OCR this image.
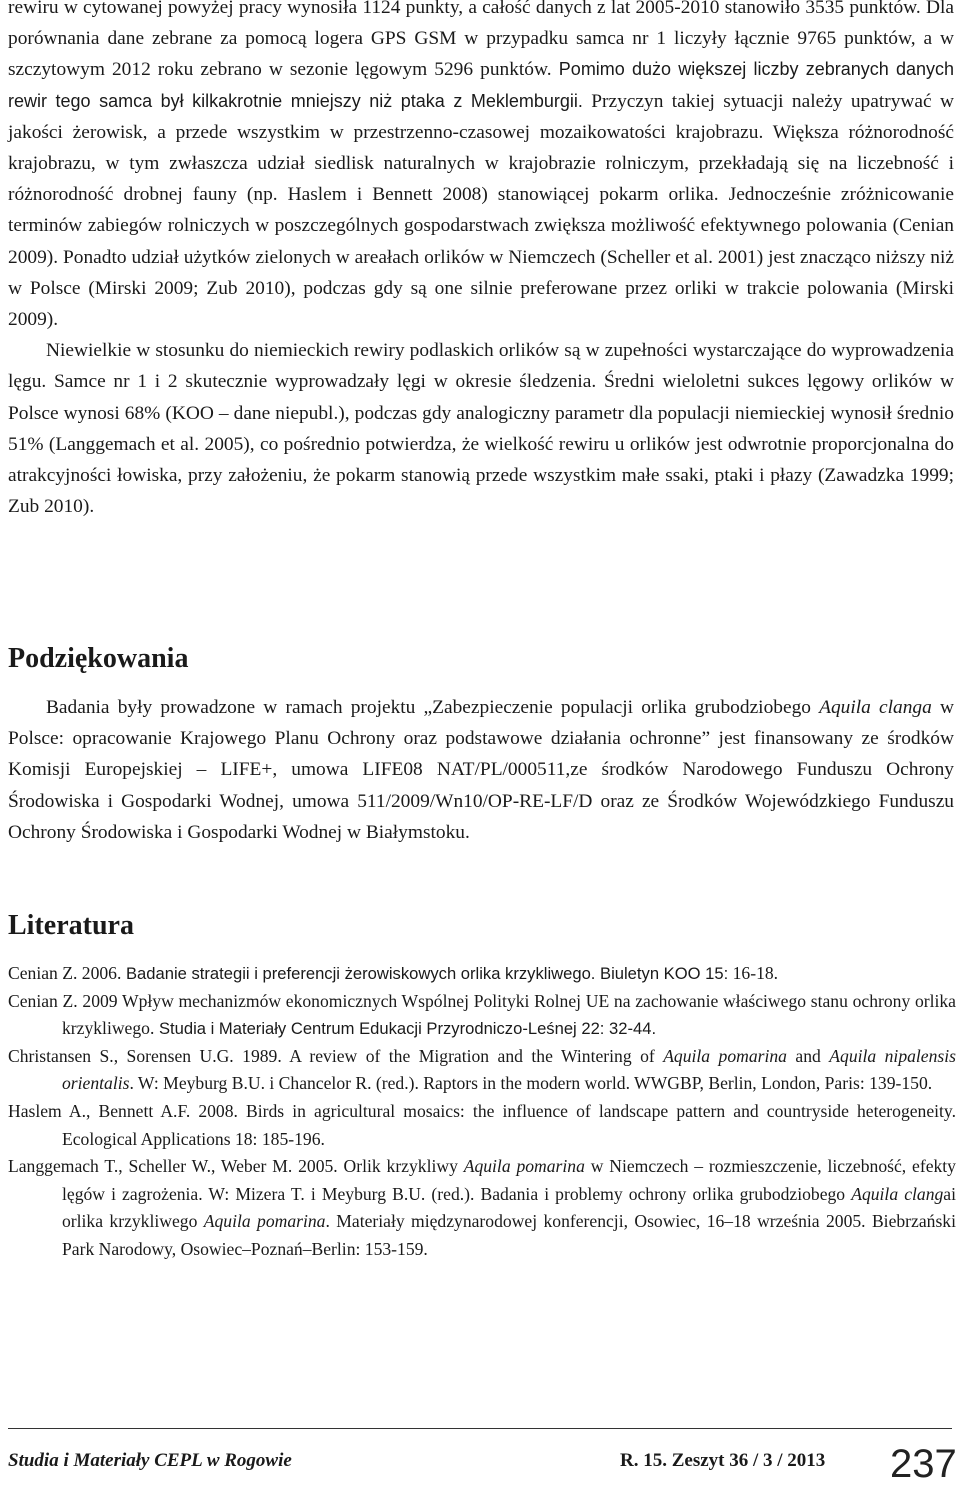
rewiru w cytowanej powyżej pracy wynosiła 1124 punkty, a całość danych z lat 2005-2010 stanowiło 3535 punktów. Dla porównania dane zebrane za pomocą logera GPS GSM w przypadku samca nr 1 liczyły łącznie 9765 punktów, a w szczytowym 2012 roku zebrano w sezonie lęgowym 5296 punktów. Pomimo dużo większej liczby zebranych danych rewir tego samca był kilkakrotnie mniejszy niż ptaka z Meklemburgii. Przyczyn takiej sytuacji należy upatrywać w jakości żerowisk, a przede wszystkim w przestrzenno-czasowej mozaikowatości krajobrazu. Większa różnorodność krajobrazu, w tym zwłaszcza udział siedlisk naturalnych w krajobrazie rolniczym, przekładają się na liczebność i różnorodność drobnej fauny (np. Haslem i Bennett 2008) stanowiącej pokarm orlika. Jednocześnie zróżnicowanie terminów zabiegów rolniczych w poszczególnych gospodarstwach zwiększa możliwość efektywnego polowania (Cenian 2009). Ponadto udział użytków zielonych w areałach orlików w Niemczech (Scheller et al. 2001) jest znacząco niższy niż w Polsce (Mirski 2009; Zub 2010), podczas gdy są one silnie preferowane przez orliki w trakcie polowania (Mirski 2009).

Niewielkie w stosunku do niemieckich rewiry podlaskich orlików są w zupełności wystarczające do wyprowadzenia lęgu. Samce nr 1 i 2 skutecznie wyprowadzały lęgi w okresie śledzenia. Średni wieloletni sukces lęgowy orlików w Polsce wynosi 68% (KOO – dane niepubl.), podczas gdy analogiczny parametr dla populacji niemieckiej wynosił średnio 51% (Langgemach et al. 2005), co pośrednio potwierdza, że wielkość rewiru u orlików jest odwrotnie proporcjonalna do atrakcyjności łowiska, przy założeniu, że pokarm stanowią przede wszystkim małe ssaki, ptaki i płazy (Zawadzka 1999; Zub 2010).

Podziękowania

Badania były prowadzone w ramach projektu „Zabezpieczenie populacji orlika grubodziobego Aquila clanga w Polsce: opracowanie Krajowego Planu Ochrony oraz podstawowe działania ochronne” jest finansowany ze środków Komisji Europejskiej – LIFE+, umowa LIFE08 NAT/PL/000511,ze środków Narodowego Funduszu Ochrony Środowiska i Gospodarki Wodnej, umowa 511/2009/Wn10/OP-RE-LF/D oraz ze Środków Wojewódzkiego Funduszu Ochrony Środowiska i Gospodarki Wodnej w Białymstoku.

Literatura
Cenian Z. 2006. Badanie strategii i preferencji żerowiskowych orlika krzykliwego. Biuletyn KOO 15: 16-18.
Cenian Z. 2009 Wpływ mechanizmów ekonomicznych Wspólnej Polityki Rolnej UE na zachowanie właściwego stanu ochrony orlika krzykliwego. Studia i Materiały Centrum Edukacji Przyrodniczo-Leśnej 22: 32-44.
Christansen S., Sorensen U.G. 1989. A review of the Migration and the Wintering of Aquila pomarina and Aquila nipalensis orientalis. W: Meyburg B.U. i Chancelor R. (red.). Raptors in the modern world. WWGBP, Berlin, London, Paris: 139-150.
Haslem A., Bennett A.F. 2008. Birds in agricultural mosaics: the influence of landscape pattern and countryside heterogeneity. Ecological Applications 18: 185-196.
Langgemach T., Scheller W., Weber M. 2005. Orlik krzykliwy Aquila pomarina w Niemczech – rozmieszczenie, liczebność, efekty lęgów i zagrożenia. W: Mizera T. i Meyburg B.U. (red.). Badania i problemy ochrony orlika grubodziobego Aquila clangai orlika krzykliwego Aquila pomarina. Materiały międzynarodowej konferencji, Osowiec, 16–18 września 2005. Biebrzański Park Narodowy, Osowiec–Poznań–Berlin: 153-159.
Studia i Materiały CEPL w Rogowie	R. 15. Zeszyt 36 / 3 / 2013 237
